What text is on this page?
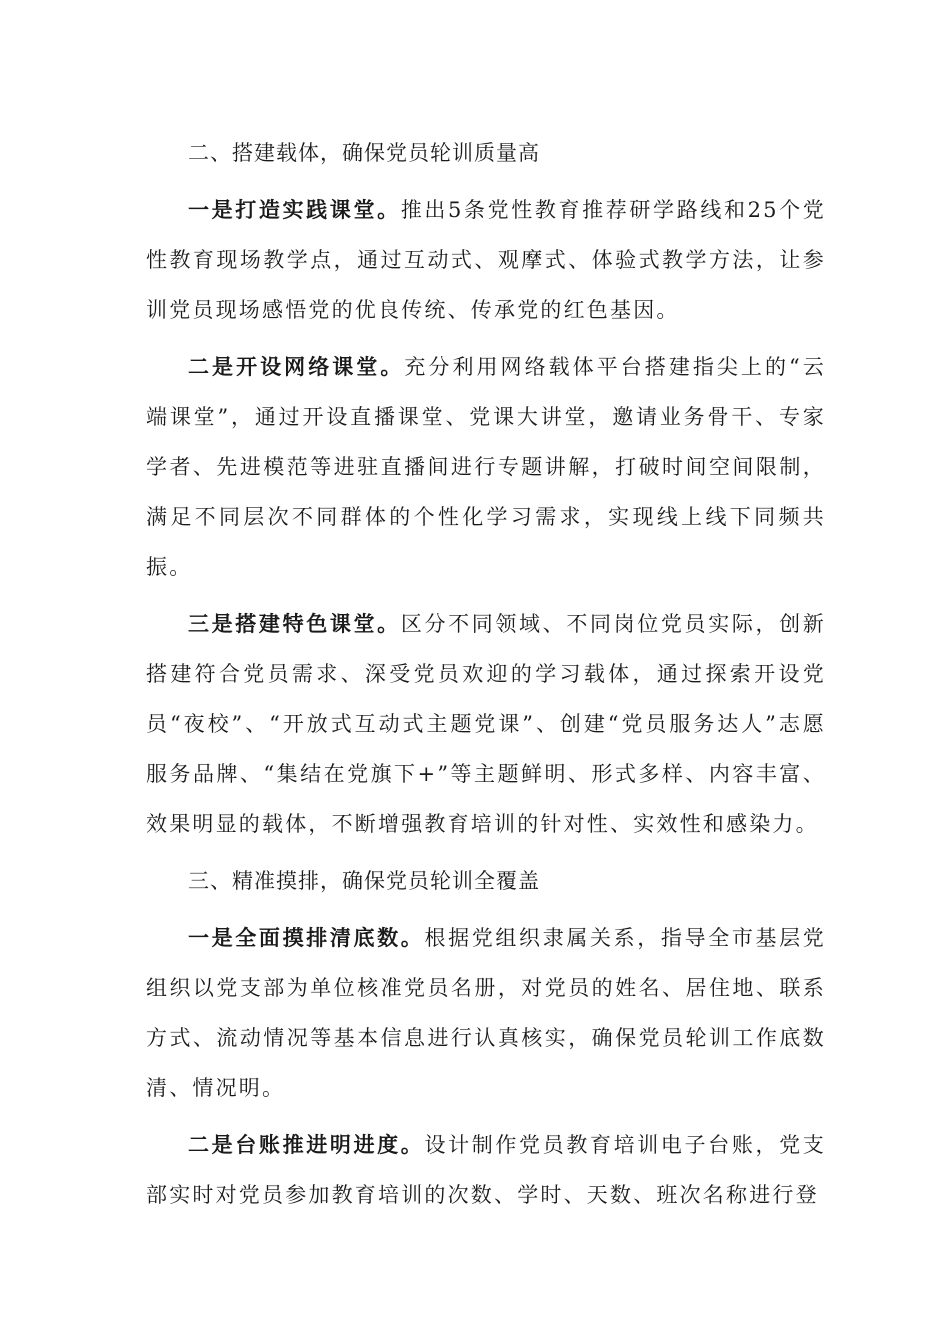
二、搭建载体，确保党员轮训质量高

一是打造实践课堂。推出5条党性教育推荐研学路线和25个党性教育现场教学点，通过互动式、观摩式、体验式教学方法，让参训党员现场感悟党的优良传统、传承党的红色基因。

二是开设网络课堂。充分利用网络载体平台搭建指尖上的“云端课堂”，通过开设直播课堂、党课大讲堂，邀请业务骨干、专家学者、先进模范等进驻直播间进行专题讲解，打破时间空间限制，满足不同层次不同群体的个性化学习需求，实现线上线下同频共振。

三是搭建特色课堂。区分不同领域、不同岗位党员实际，创新搭建符合党员需求、深受党员欢迎的学习载体，通过探索开设党员“夜校”、“开放式互动式主题党课”、创建“党员服务达人”志愿服务品牌、“集结在党旗下+”等主题鲜明、形式多样、内容丰富、效果明显的载体，不断增强教育培训的针对性、实效性和感染力。

三、精准摸排，确保党员轮训全覆盖

一是全面摸排清底数。根据党组织隶属关系，指导全市基层党组织以党支部为单位核准党员名册，对党员的姓名、居住地、联系方式、流动情况等基本信息进行认真核实，确保党员轮训工作底数清、情况明。

二是台账推进明进度。设计制作党员教育培训电子台账，党支部实时对党员参加教育培训的次数、学时、天数、班次名称进行登
